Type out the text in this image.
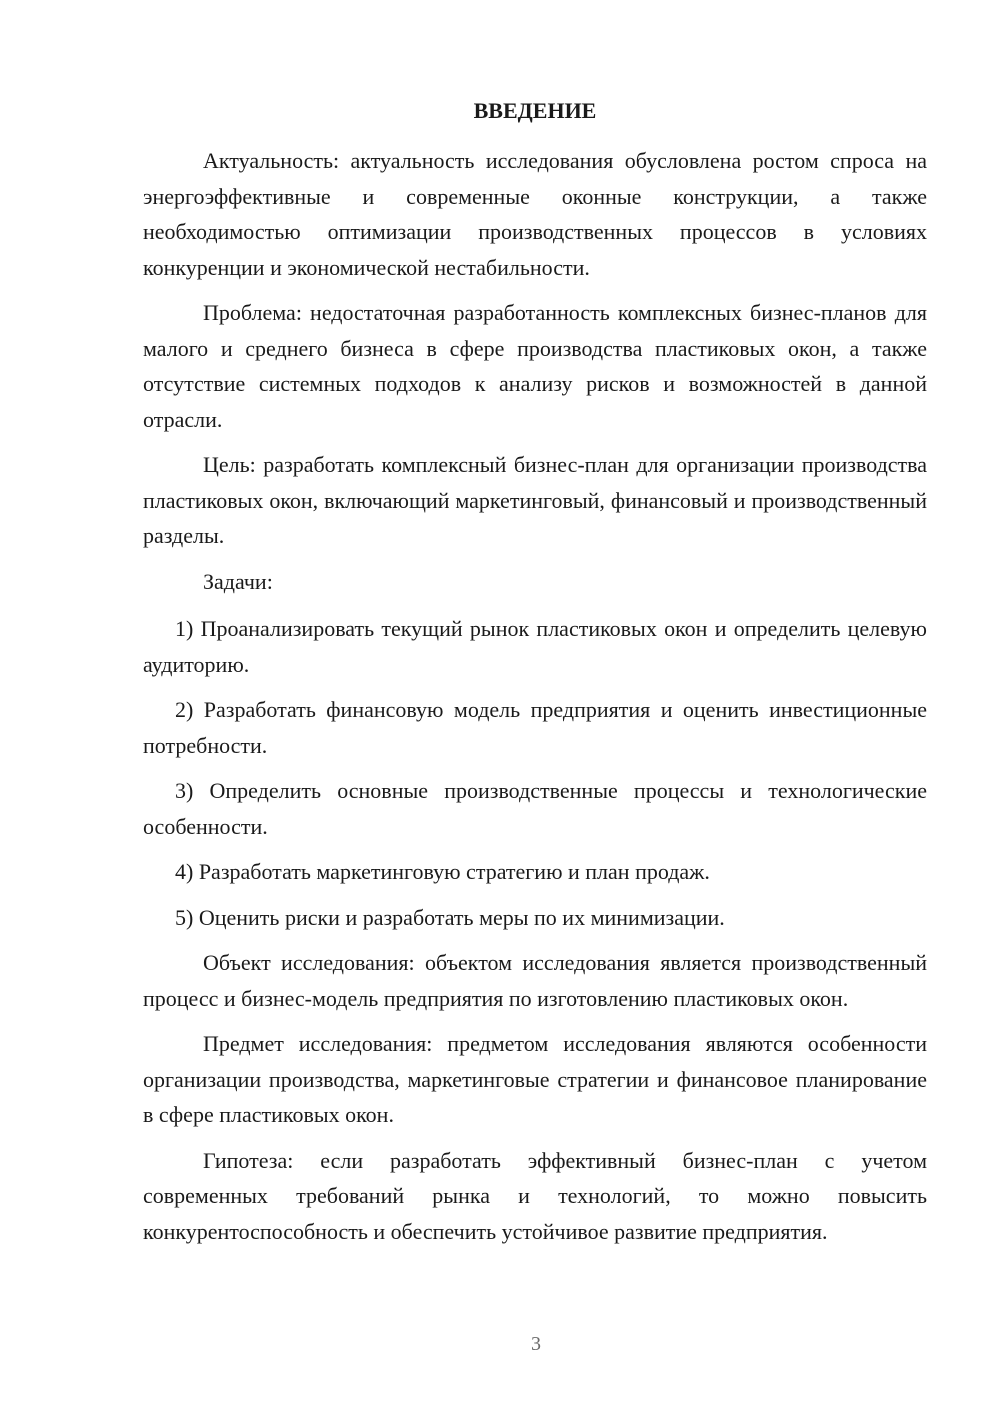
ВВЕДЕНИЕ

Актуальность: актуальность исследования обусловлена ростом спроса на энергоэффективные и современные оконные конструкции, а также необходимостью оптимизации производственных процессов в условиях конкуренции и экономической нестабильности.

Проблема: недостаточная разработанность комплексных бизнес-планов для малого и среднего бизнеса в сфере производства пластиковых окон, а также отсутствие системных подходов к анализу рисков и возможностей в данной отрасли.

Цель: разработать комплексный бизнес-план для организации производства пластиковых окон, включающий маркетинговый, финансовый и производственный разделы.

Задачи:

1) Проанализировать текущий рынок пластиковых окон и определить целевую аудиторию.

2) Разработать финансовую модель предприятия и оценить инвестиционные потребности.

3) Определить основные производственные процессы и технологические особенности.

4) Разработать маркетинговую стратегию и план продаж.

5) Оценить риски и разработать меры по их минимизации.

Объект исследования: объектом исследования является производственный процесс и бизнес-модель предприятия по изготовлению пластиковых окон.

Предмет исследования: предметом исследования являются особенности организации производства, маркетинговые стратегии и финансовое планирование в сфере пластиковых окон.

Гипотеза: если разработать эффективный бизнес-план с учетом современных требований рынка и технологий, то можно повысить конкурентоспособность и обеспечить устойчивое развитие предприятия.

3
